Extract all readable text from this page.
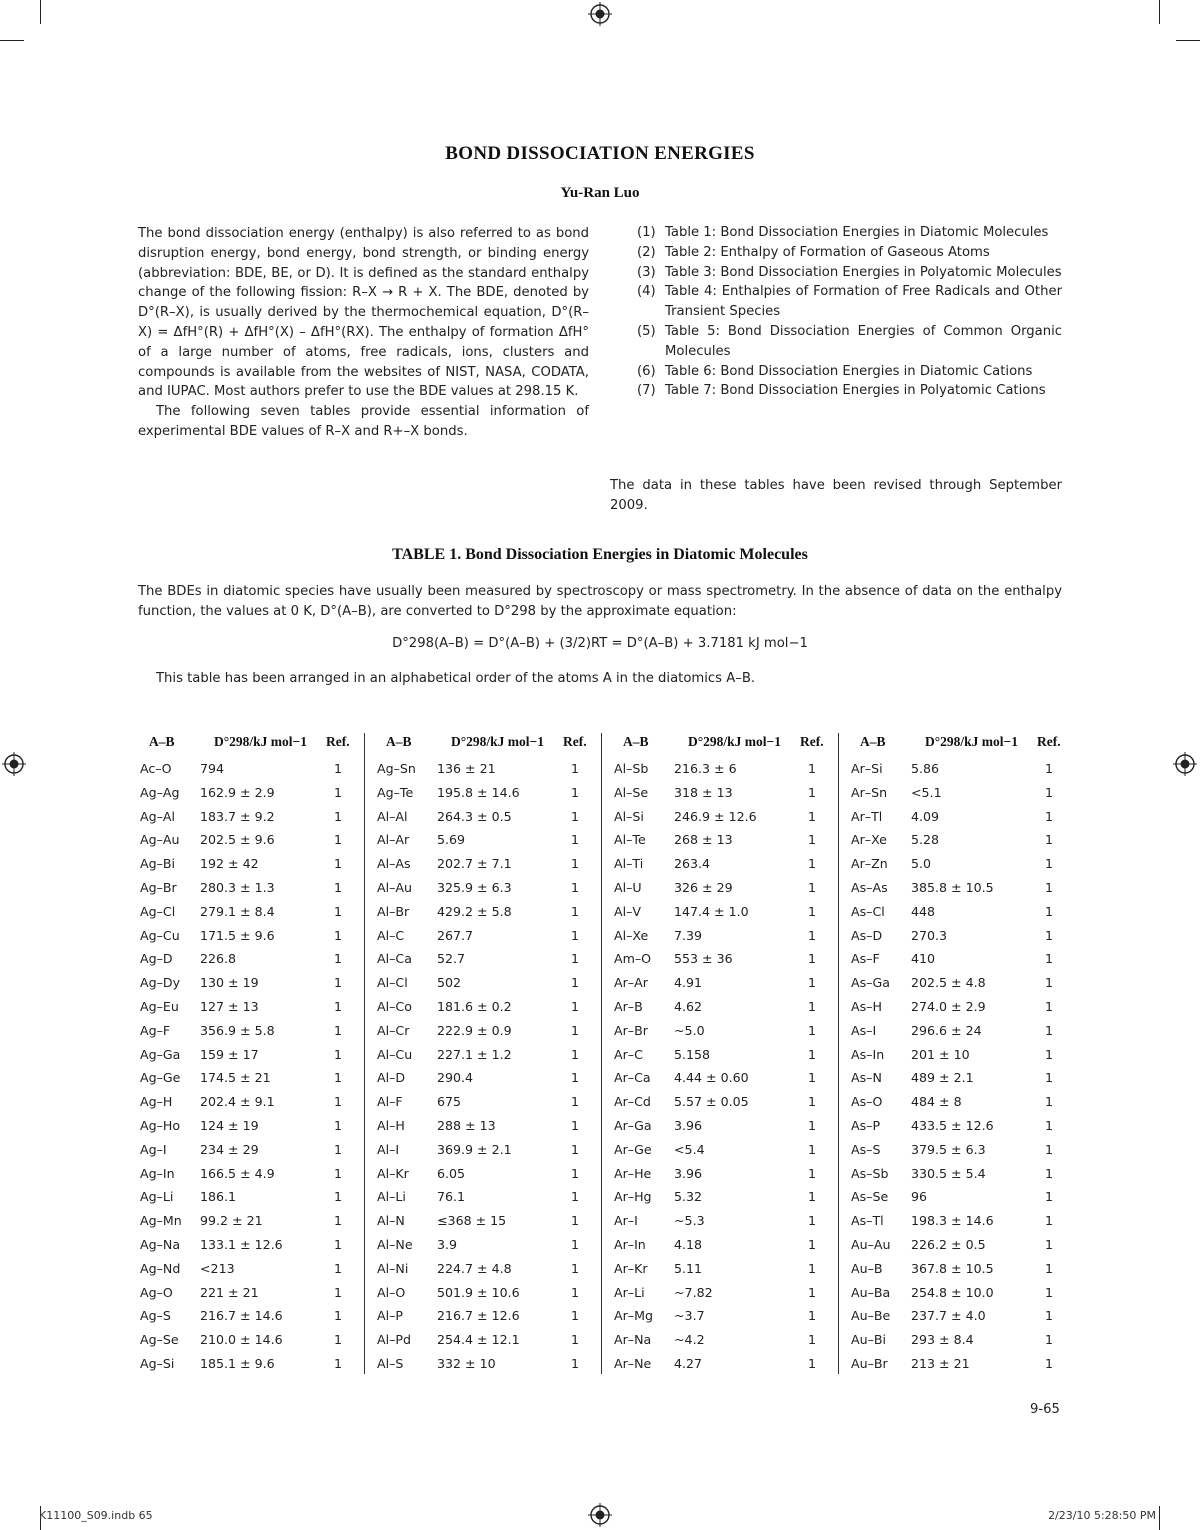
BOND DISSOCIATION ENERGIES
Yu-Ran Luo

The bond dissociation energy (enthalpy) is also referred to as bond disruption energy, bond energy, bond strength, or binding energy (abbreviation: BDE, BE, or D). It is defined as the standard enthalpy change of the following fission: R–X → R + X. The BDE, denoted by D°(R–X), is usually derived by the thermochemical equation, D°(R–X) = ΔfH°(R) + ΔfH°(X) – ΔfH°(RX). The enthalpy of formation ΔfH° of a large number of atoms, free radicals, ions, clusters and compounds is available from the websites of NIST, NASA, CODATA, and IUPAC. Most authors prefer to use the BDE values at 298.15 K.

The following seven tables provide essential information of experimental BDE values of R–X and R+–X bonds.

(1) Table 1: Bond Dissociation Energies in Diatomic Molecules
(2) Table 2: Enthalpy of Formation of Gaseous Atoms
(3) Table 3: Bond Dissociation Energies in Polyatomic Molecules
(4) Table 4: Enthalpies of Formation of Free Radicals and Other Transient Species
(5) Table 5: Bond Dissociation Energies of Common Organic Molecules
(6) Table 6: Bond Dissociation Energies in Diatomic Cations
(7) Table 7: Bond Dissociation Energies in Polyatomic Cations
The data in these tables have been revised through September 2009.
TABLE 1. Bond Dissociation Energies in Diatomic Molecules
The BDEs in diatomic species have usually been measured by spectroscopy or mass spectrometry. In the absence of data on the enthalpy function, the values at 0 K, D°(A–B), are converted to D°298 by the approximate equation:
D°298(A–B) = D°(A–B) + (3/2)RT = D°(A–B) + 3.7181 kJ mol−1
This table has been arranged in an alphabetical order of the atoms A in the diatomics A–B.
A–B	D°298/kJ mol−1 Ref.
Ac–O 794	1
Ag–Ag 162.9 ± 2.9	1
Ag–Al 183.7 ± 9.2	1
Ag–Au 202.5 ± 9.6	1
Ag–Bi 192 ± 42	1
Ag–Br 280.3 ± 1.3	1
Ag–Cl 279.1 ± 8.4	1
Ag–Cu 171.5 ± 9.6	1
Ag–D 226.8	1
Ag–Dy 130 ± 19	1
Ag–Eu 127 ± 13	1
Ag–F 356.9 ± 5.8	1
Ag–Ga 159 ± 17	1
Ag–Ge 174.5 ± 21	1
Ag–H 202.4 ± 9.1	1
Ag–Ho 124 ± 19	1
Ag–I	234 ± 29	1
Ag–In 166.5 ± 4.9	1
Ag–Li 186.1	1
Ag–Mn 99.2 ± 21	1
Ag–Na 133.1 ± 12.6	1
Ag–Nd <213	1
Ag–O 221 ± 21	1
Ag–S 216.7 ± 14.6	1
Ag–Se 210.0 ± 14.6	1
Ag–Si 185.1 ± 9.6	1
A–B	D°298/kJ mol−1 Ref.
Ag–Sn 136 ± 21	1
Ag–Te 195.8 ± 14.6	1
Al–Al 264.3 ± 0.5	1
Al–Ar 5.69	1
Al–As 202.7 ± 7.1	1
Al–Au 325.9 ± 6.3	1
Al–Br 429.2 ± 5.8	1
Al–C	267.7	1
Al–Ca 52.7	1
Al–Cl 502	1
Al–Co 181.6 ± 0.2	1
Al–Cr 222.9 ± 0.9	1
Al–Cu 227.1 ± 1.2	1
Al–D	290.4	1
Al–F	675	1
Al–H	288 ± 13	1
Al–I	369.9 ± 2.1	1
Al–Kr 6.05	1
Al–Li 76.1	1
Al–N	≤368 ± 15	1
Al–Ne 3.9	1
Al–Ni 224.7 ± 4.8	1
Al–O	501.9 ± 10.6	1
Al–P	216.7 ± 12.6	1
Al–Pd 254.4 ± 12.1	1
Al–S	332 ± 10	1
A–B	D°298/kJ mol−1 Ref.
Al–Sb 216.3 ± 6	1
Al–Se 318 ± 13	1
Al–Si 246.9 ± 12.6	1
Al–Te 268 ± 13	1
Al–Ti 263.4	1
Al–U	326 ± 29	1
Al–V	147.4 ± 1.0	1
Al–Xe 7.39	1
Am–O 553 ± 36	1
Ar–Ar 4.91	1
Ar–B 4.62	1
Ar–Br ~5.0	1
Ar–C 5.158	1
Ar–Ca 4.44 ± 0.60	1
Ar–Cd 5.57 ± 0.05	1
Ar–Ga 3.96	1
Ar–Ge <5.4	1
Ar–He 3.96	1
Ar–Hg 5.32	1
Ar–I	~5.3	1
Ar–In 4.18	1
Ar–Kr 5.11	1
Ar–Li ~7.82	1
Ar–Mg ~3.7	1
Ar–Na ~4.2	1
Ar–Ne 4.27	1
A–B	D°298/kJ mol−1 Ref.
Ar–Si 5.86	1
Ar–Sn <5.1	1
Ar–Tl 4.09	1
Ar–Xe 5.28	1
Ar–Zn 5.0	1
As–As 385.8 ± 10.5	1
As–Cl 448	1
As–D 270.3	1
As–F 410	1
As–Ga 202.5 ± 4.8	1
As–H 274.0 ± 2.9	1
As–I	296.6 ± 24	1
As–In 201 ± 10	1
As–N 489 ± 2.1	1
As–O 484 ± 8	1
As–P 433.5 ± 12.6	1
As–S 379.5 ± 6.3	1
As–Sb 330.5 ± 5.4	1
As–Se 96	1
As–Tl 198.3 ± 14.6	1
Au–Au 226.2 ± 0.5	1
Au–B 367.8 ± 10.5	1
Au–Ba 254.8 ± 10.0	1
Au–Be 237.7 ± 4.0	1
Au–Bi 293 ± 8.4	1
Au–Br 213 ± 21	1
9-65
K11100_S09.indb 65	2/23/10 5:28:50 PM
